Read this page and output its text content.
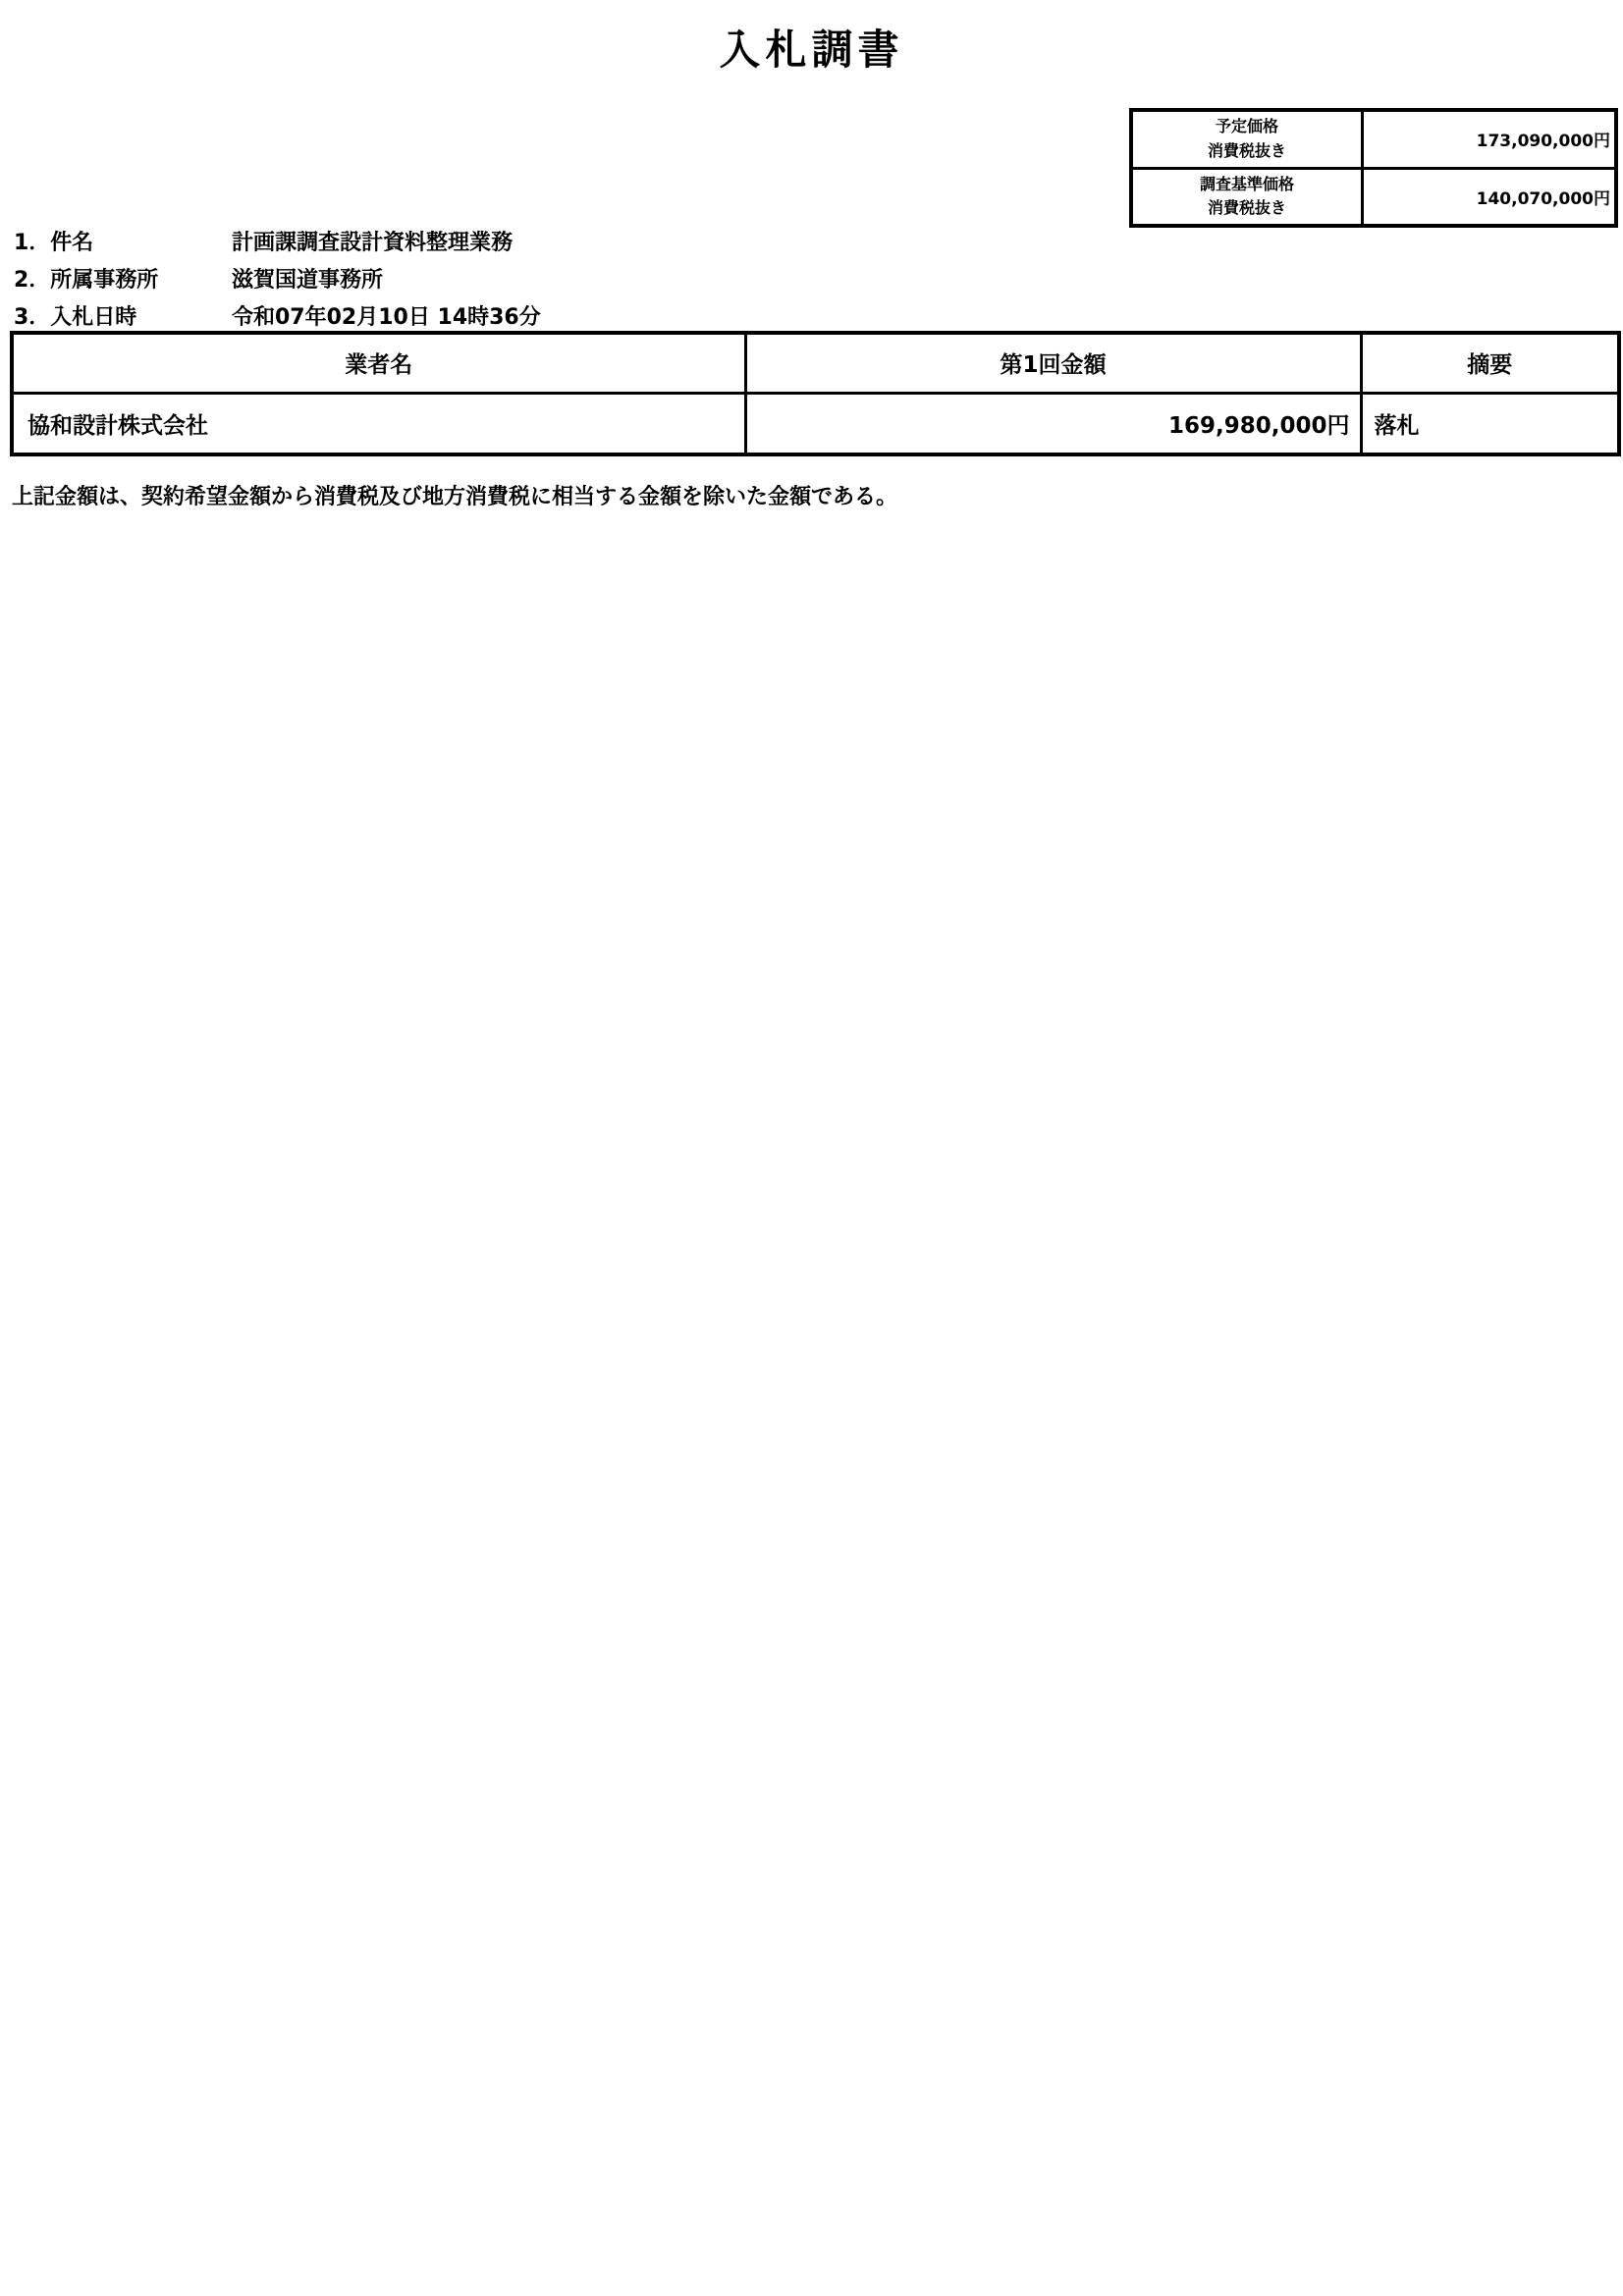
入札調書
予定価格
消費税抜き	173,090,000円

調査基準価格
消費税抜き	140,070,000円
1．件名	計画課調査設計資料整理業務
2．所属事務所	滋賀国道事務所
3．入札日時	令和07年02月10日 14時36分
業者名	第1回金額	摘要
協和設計株式会社	169,980,000円	落札

上記金額は、契約希望金額から消費税及び地方消費税に相当する金額を除いた金額である。
